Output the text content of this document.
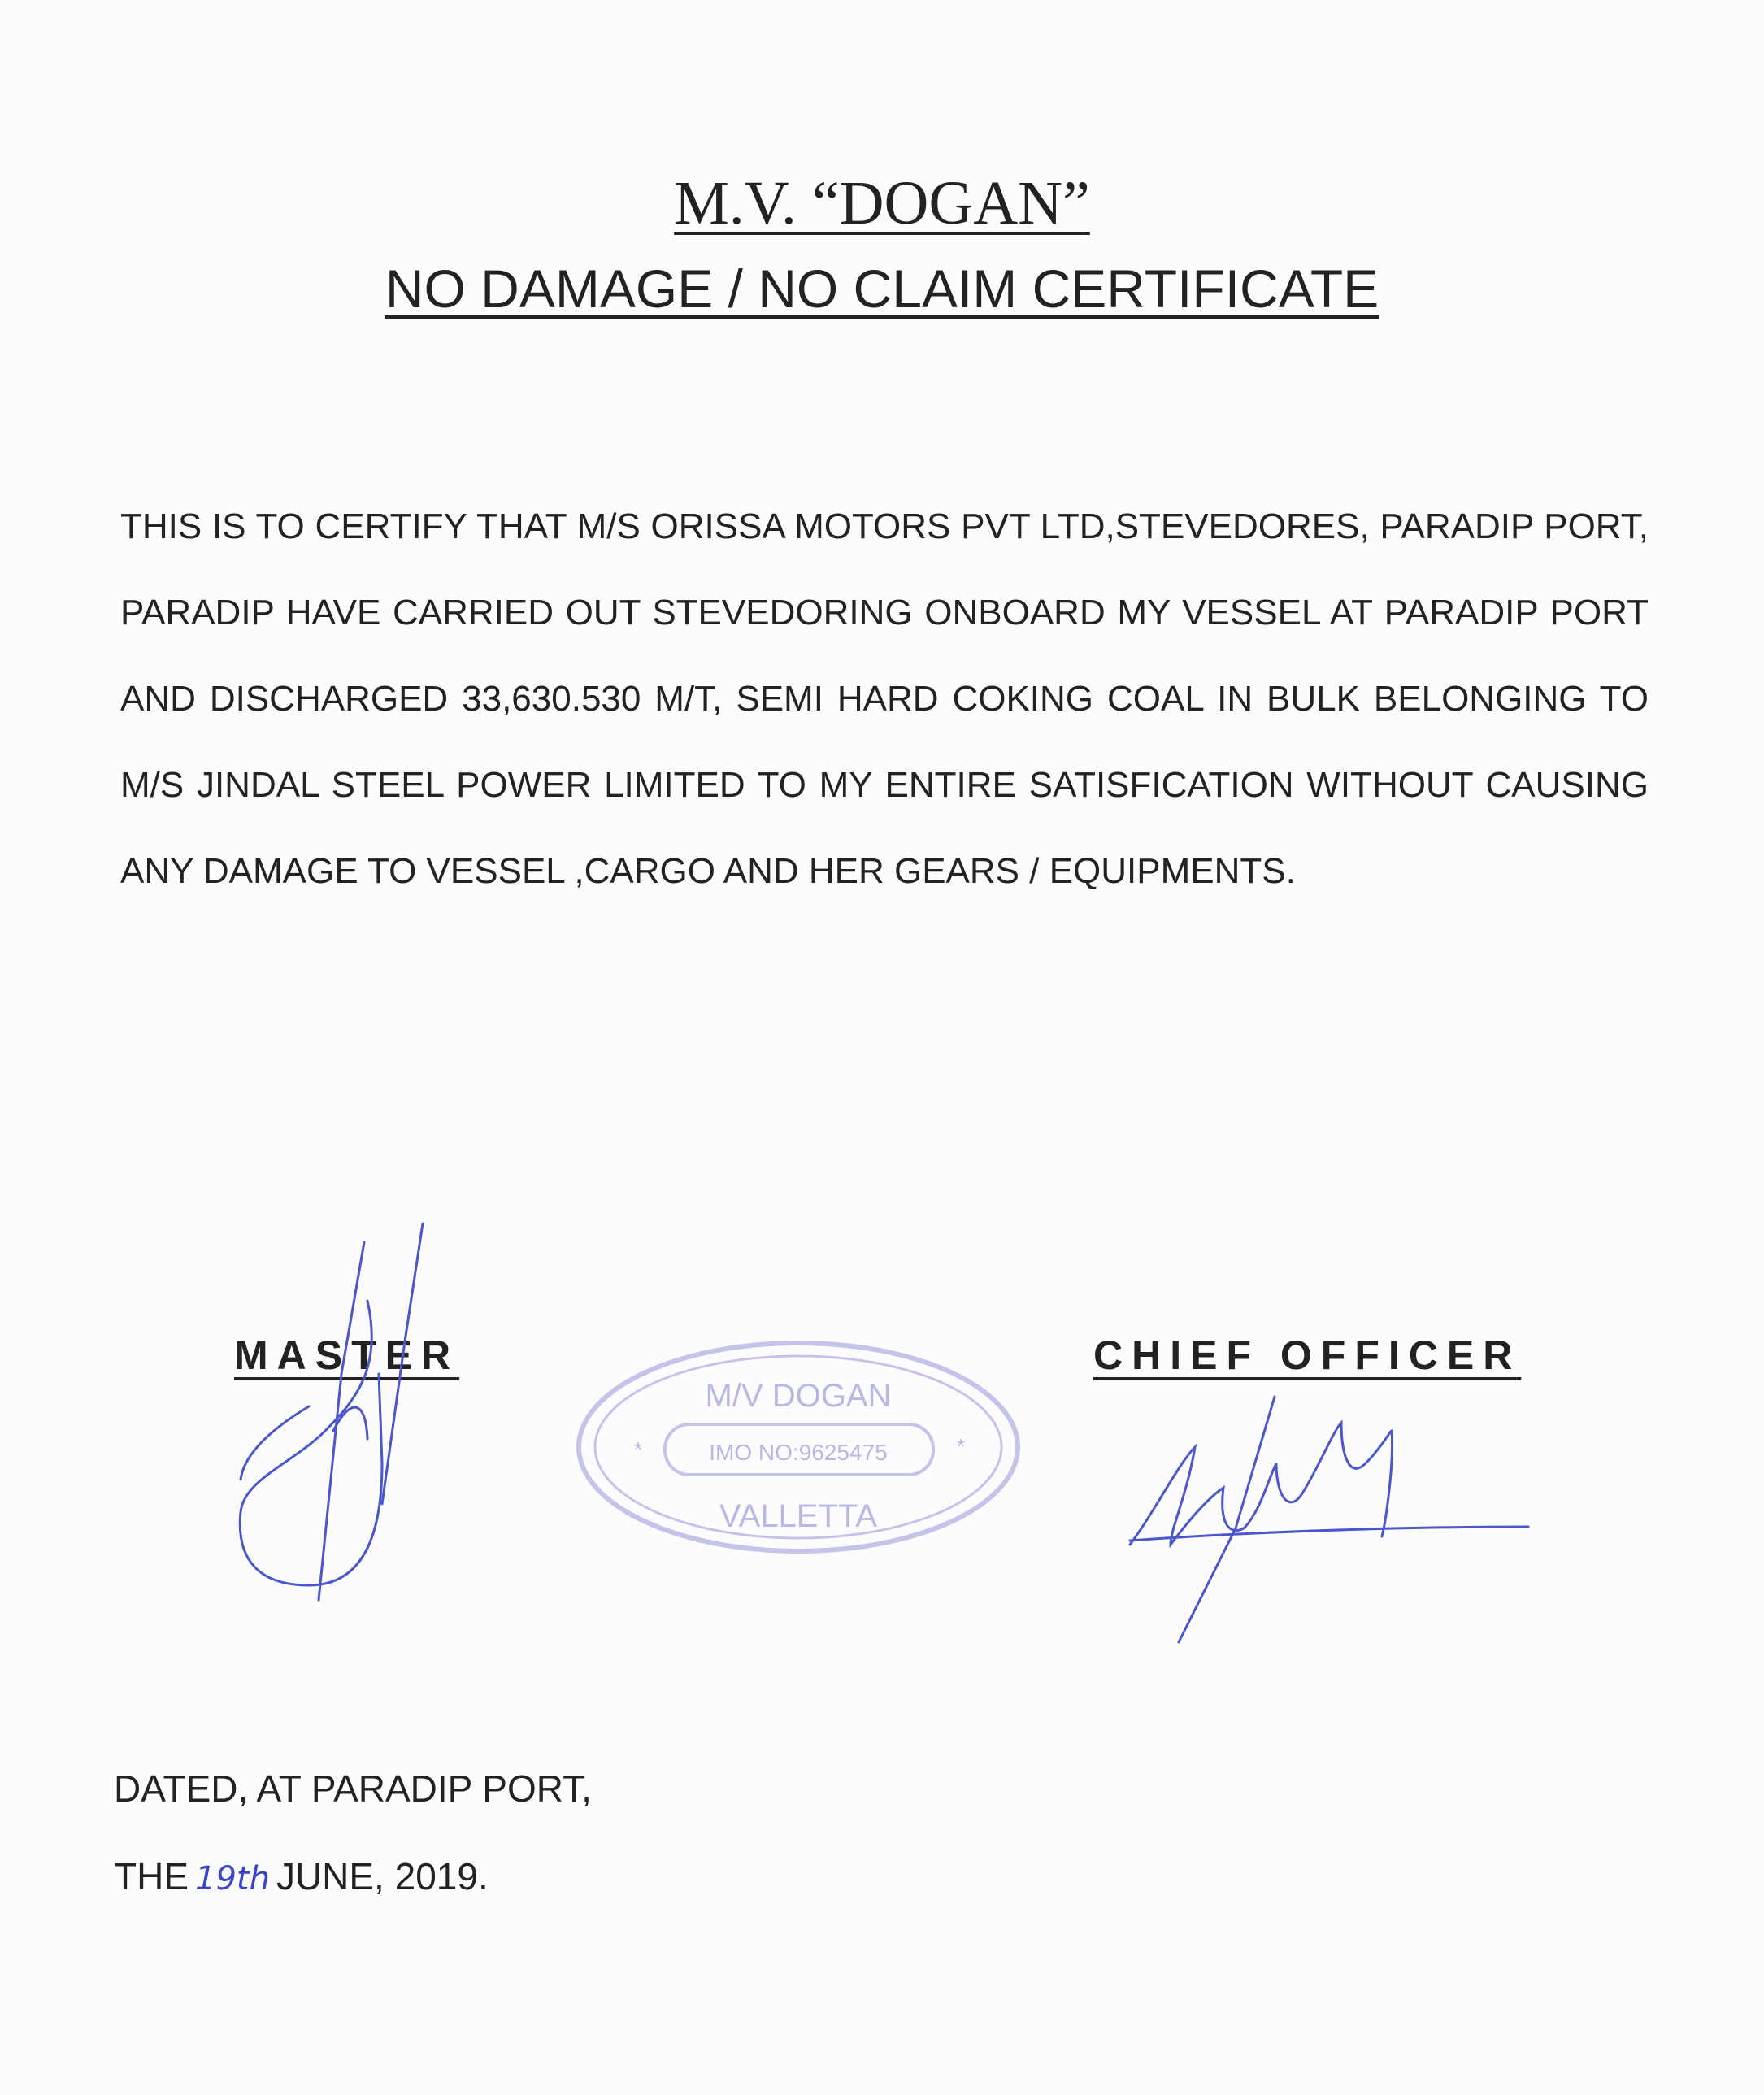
M.V. “DOGAN”
NO DAMAGE / NO CLAIM CERTIFICATE
THIS IS TO CERTIFY THAT M/S ORISSA MOTORS PVT LTD,STEVEDORES, PARADIP PORT, PARADIP HAVE CARRIED OUT STEVEDORING ONBOARD MY VESSEL AT PARADIP PORT AND DISCHARGED 33,630.530 M/T, SEMI HARD COKING COAL IN BULK BELONGING TO M/S JINDAL STEEL POWER LIMITED TO MY ENTIRE SATISFICATION WITHOUT CAUSING ANY DAMAGE TO VESSEL ,CARGO AND HER GEARS / EQUIPMENTS.
MASTER	CHIEF OFFICER
M/V DOGAN
IMO NO:9625475
VALLETTA
*	*
DATED, AT PARADIP PORT,
THE 19th JUNE, 2019.
